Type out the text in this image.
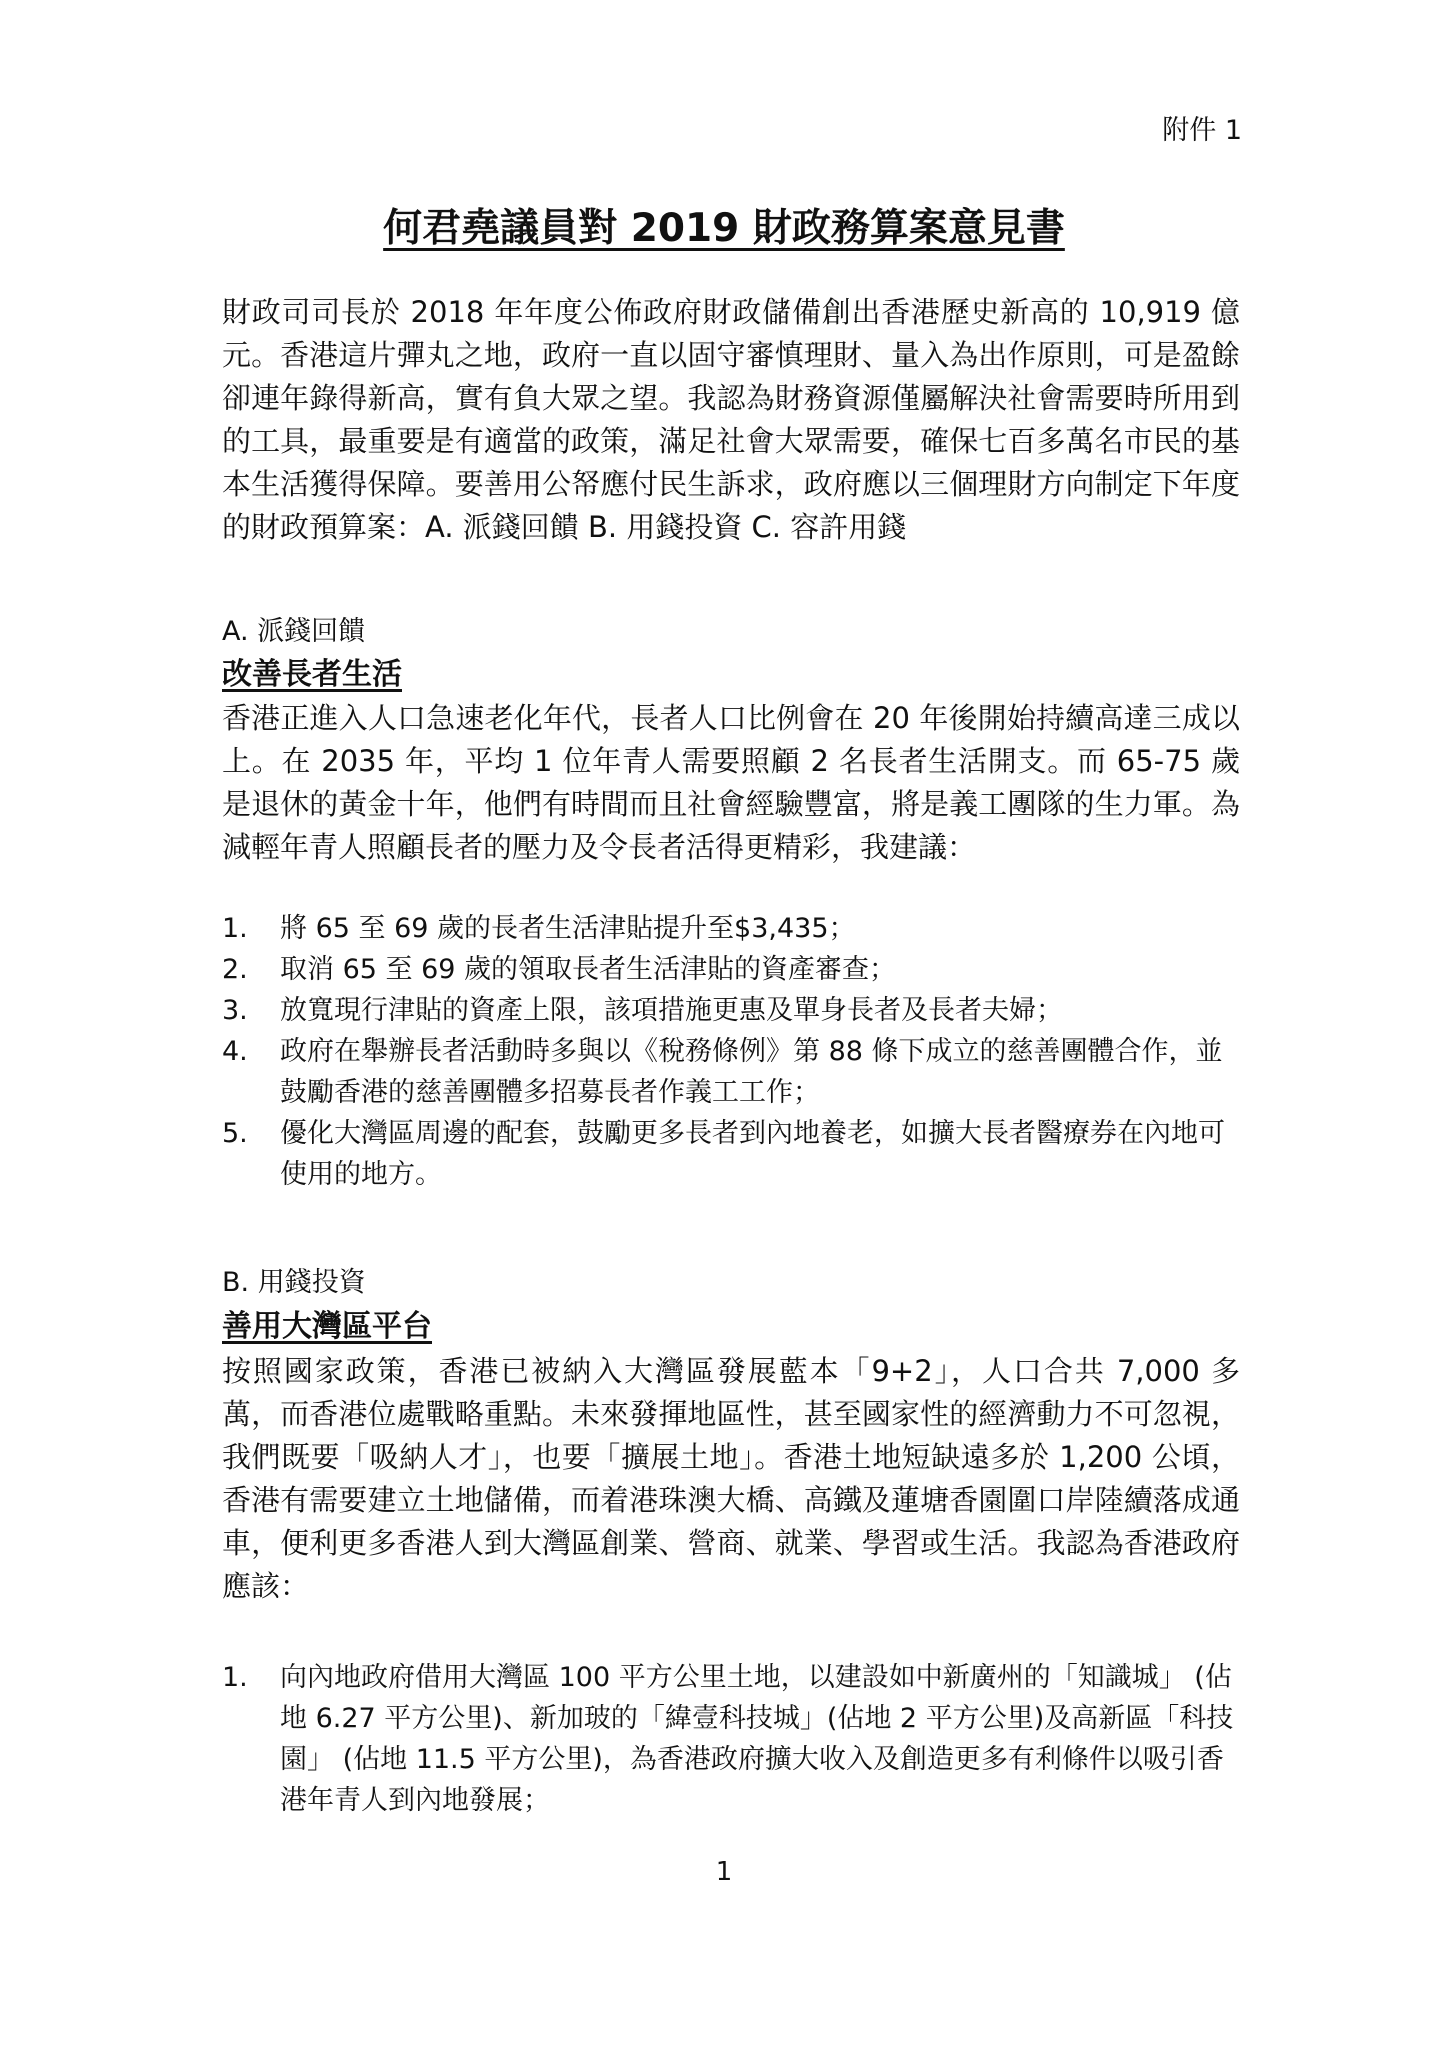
附件 1
何君堯議員對 2019 財政務算案意見書

財政司司長於 2018 年年度公佈政府財政儲備創出香港歷史新高的 10,919 億元。香港這片彈丸之地，政府一直以固守審慎理財、量入為出作原則，可是盈餘卻連年錄得新高，實有負大眾之望。我認為財務資源僅屬解決社會需要時所用到的工具，最重要是有適當的政策，滿足社會大眾需要，確保七百多萬名市民的基本生活獲得保障。要善用公帑應付民生訴求，政府應以三個理財方向制定下年度的財政預算案：A. 派錢回饋 B. 用錢投資 C. 容許用錢

A. 派錢回饋

改善長者生活

香港正進入人口急速老化年代，長者人口比例會在 20 年後開始持續高達三成以上。在 2035 年，平均 1 位年青人需要照顧 2 名長者生活開支。而 65-75 歲是退休的黃金十年，他們有時間而且社會經驗豐富，將是義工團隊的生力軍。為減輕年青人照顧長者的壓力及令長者活得更精彩，我建議：

1. 將 65 至 69 歲的長者生活津貼提升至$3,435；
2. 取消 65 至 69 歲的領取長者生活津貼的資產審查；
3. 放寬現行津貼的資產上限，該項措施更惠及單身長者及長者夫婦；
4. 政府在舉辦長者活動時多與以《稅務條例》第 88 條下成立的慈善團體合作，並鼓勵香港的慈善團體多招募長者作義工工作；
5. 優化大灣區周邊的配套，鼓勵更多長者到內地養老，如擴大長者醫療券在內地可使用的地方。

B. 用錢投資

善用大灣區平台

按照國家政策，香港已被納入大灣區發展藍本「9+2」，人口合共 7,000 多萬，而香港位處戰略重點。未來發揮地區性，甚至國家性的經濟動力不可忽視，我們既要「吸納人才」，也要「擴展土地」。香港土地短缺遠多於 1,200 公頃，香港有需要建立土地儲備，而着港珠澳大橋、高鐵及蓮塘香園圍口岸陸續落成通車，便利更多香港人到大灣區創業、營商、就業、學習或生活。我認為香港政府應該：

1. 向內地政府借用大灣區 100 平方公里土地，以建設如中新廣州的「知識城」 (佔地 6.27 平方公里)、新加玻的「緯壹科技城」(佔地 2 平方公里)及高新區「科技園」 (佔地 11.5 平方公里)，為香港政府擴大收入及創造更多有利條件以吸引香港年青人到內地發展；
1
